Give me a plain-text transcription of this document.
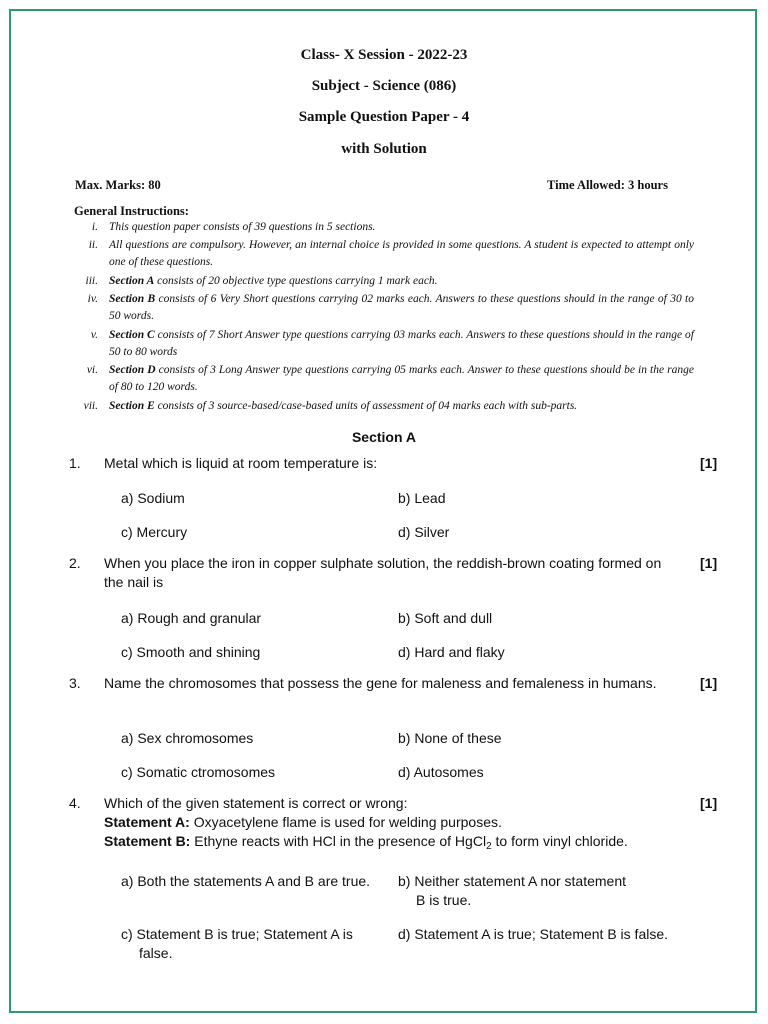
Class- X Session - 2022-23
Subject - Science (086)
Sample Question Paper - 4
with Solution
Max. Marks: 80	Time Allowed: 3 hours
General Instructions:
i. This question paper consists of 39 questions in 5 sections.
ii. All questions are compulsory. However, an internal choice is provided in some questions. A student is expected to attempt only one of these questions.
iii. Section A consists of 20 objective type questions carrying 1 mark each.
iv. Section B consists of 6 Very Short questions carrying 02 marks each. Answers to these questions should in the range of 30 to 50 words.
v. Section C consists of 7 Short Answer type questions carrying 03 marks each. Answers to these questions should in the range of 50 to 80 words
vi. Section D consists of 3 Long Answer type questions carrying 05 marks each. Answer to these questions should be in the range of 80 to 120 words.
vii. Section E consists of 3 source-based/case-based units of assessment of 04 marks each with sub-parts.
Section A
1. Metal which is liquid at room temperature is:	[1]
a) Sodium	b) Lead
c) Mercury	d) Silver
2. When you place the iron in copper sulphate solution, the reddish-brown coating formed on the nail is
[1]
a) Rough and granular	b) Soft and dull
c) Smooth and shining	d) Hard and flaky
3. Name the chromosomes that possess the gene for maleness and femaleness in humans.	[1]
a) Sex chromosomes	b) None of these
c) Somatic ctromosomes	d) Autosomes
4. Which of the given statement is correct or wrong:	[1]
Statement A: Oxyacetylene flame is used for welding purposes.
Statement B: Ethyne reacts with HCl in the presence of HgCl$_2$ to form vinyl chloride.
a) Both the statements A and B are true.	b) Neither statement A nor statement B is true.
c) Statement B is true; Statement A is false.
d) Statement A is true; Statement B is false.
